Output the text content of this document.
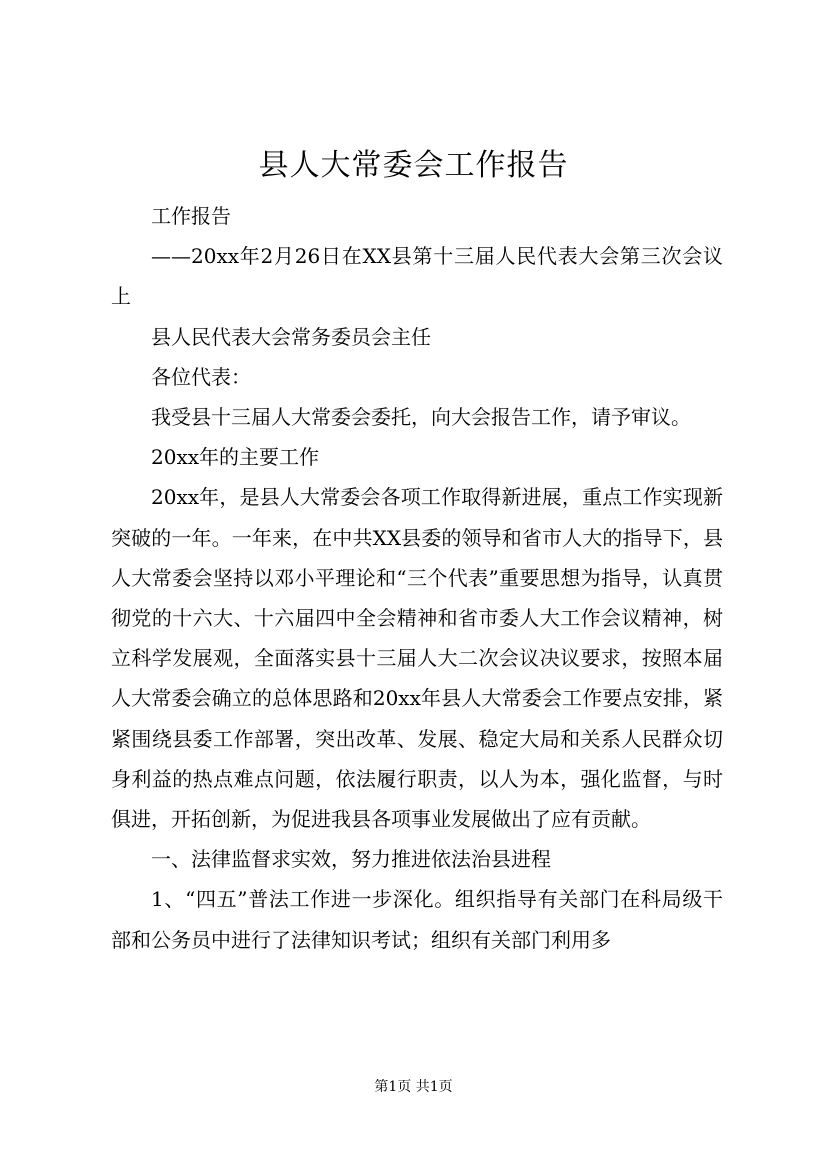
县人大常委会工作报告

工作报告

——20xx年2月26日在XX县第十三届人民代表大会第三次会议上

县人民代表大会常务委员会主任

各位代表：

我受县十三届人大常委会委托，向大会报告工作，请予审议。

20xx年的主要工作

20xx年，是县人大常委会各项工作取得新进展，重点工作实现新突破的一年。一年来，在中共XX县委的领导和省市人大的指导下，县人大常委会坚持以邓小平理论和“三个代表”重要思想为指导，认真贯彻党的十六大、十六届四中全会精神和省市委人大工作会议精神，树立科学发展观，全面落实县十三届人大二次会议决议要求，按照本届人大常委会确立的总体思路和20xx年县人大常委会工作要点安排，紧紧围绕县委工作部署，突出改革、发展、稳定大局和关系人民群众切身利益的热点难点问题，依法履行职责，以人为本，强化监督，与时俱进，开拓创新，为促进我县各项事业发展做出了应有贡献。

一、法律监督求实效，努力推进依法治县进程

1、“四五”普法工作进一步深化。组织指导有关部门在科局级干部和公务员中进行了法律知识考试；组织有关部门利用多

第1页 共1页
